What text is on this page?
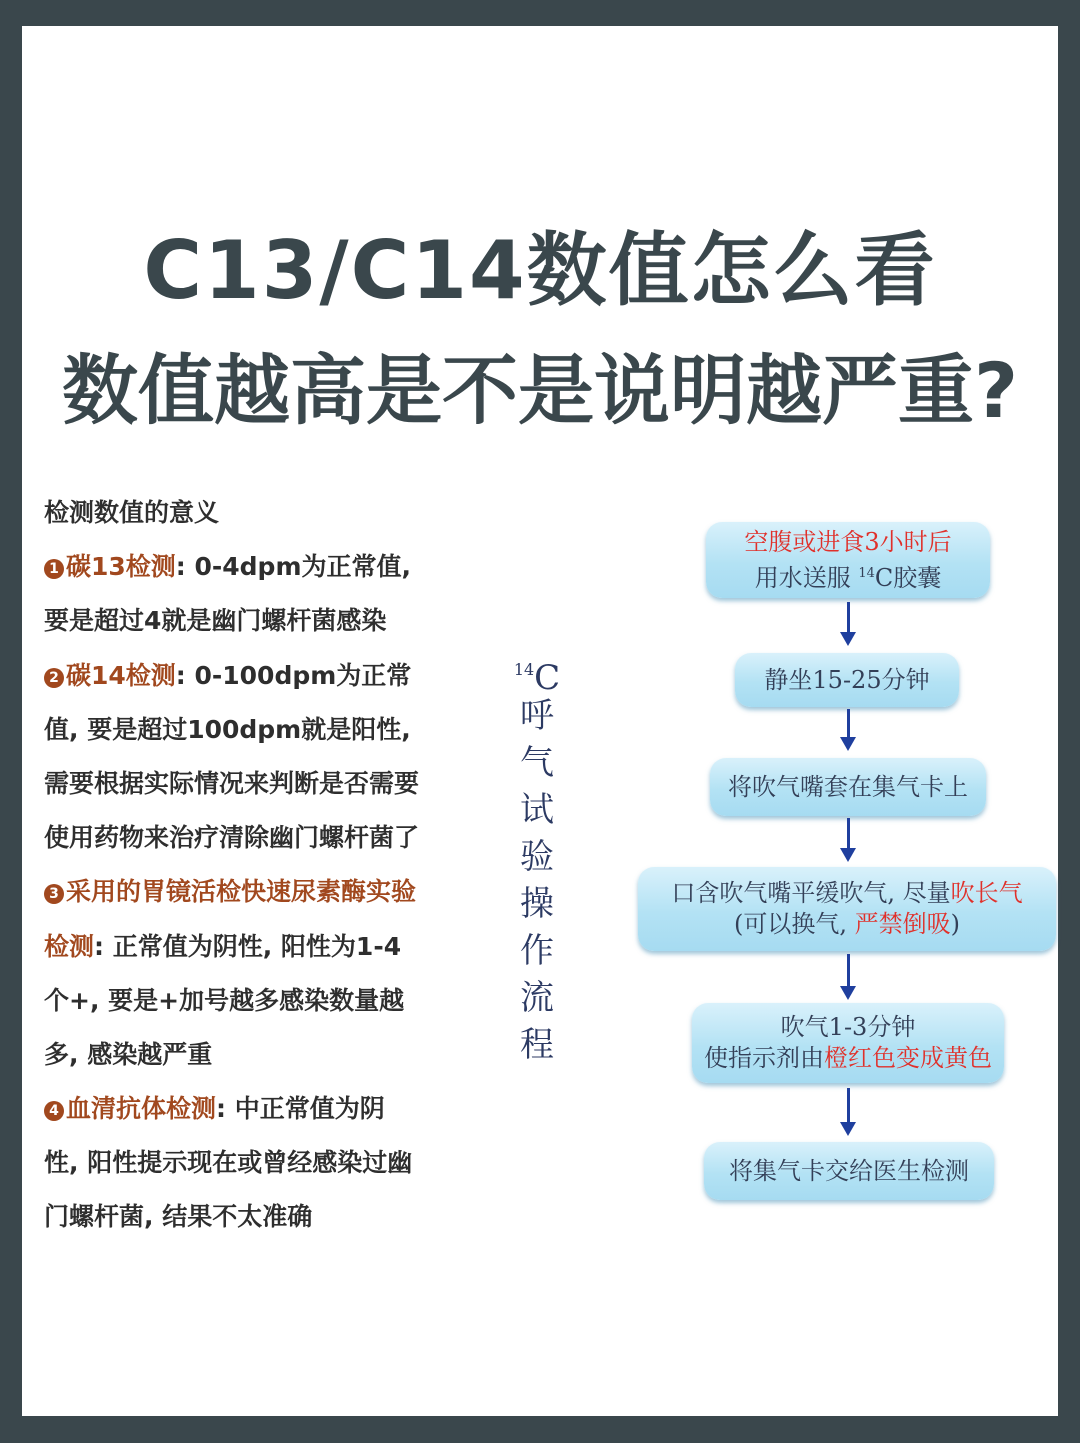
C13/C14数值怎么看
数值越高是不是说明越严重?
检测数值的意义
1 碳13检测: 0-4dpm为正常值,
要是超过4就是幽门螺杆菌感染
2 碳14检测: 0-100dpm为正常
值, 要是超过100dpm就是阳性,
需要根据实际情况来判断是否需要
使用药物来治疗清除幽门螺杆菌了
3 采用的胃镜活检快速尿素酶实验
检测: 正常值为阴性, 阳性为1-4
个+, 要是+加号越多感染数量越
多, 感染越严重
4 血清抗体检测: 中正常值为阴
性, 阳性提示现在或曾经感染过幽
门螺杆菌, 结果不太准确
$^{14}$C
呼
气
试
验
操
作
流
程
空腹或进食3小时后
用水送服 $^{14}$C胶囊
静坐15-25分钟
将吹气嘴套在集气卡上
口含吹气嘴平缓吹气, 尽量吹长气
(可以换气, 严禁倒吸)
吹气1-3分钟
使指示剂由橙红色变成黄色
将集气卡交给医生检测
